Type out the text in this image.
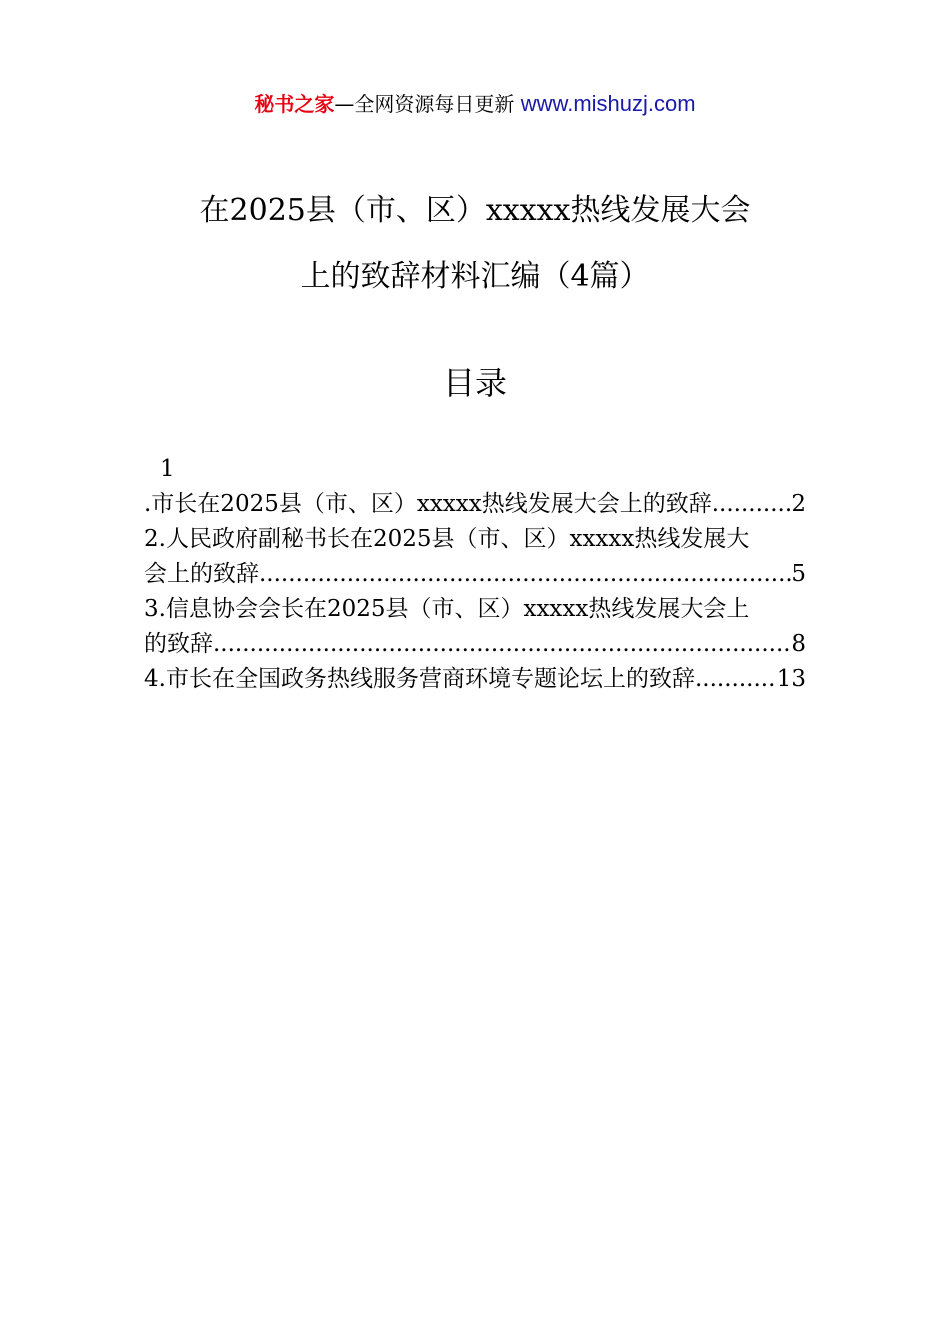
秘书之家—全网资源每日更新 www.mishuzj.com
在2025县（市、区）xxxxx热线发展大会
上的致辞材料汇编（4篇）
目录
1
.市长在2025县（市、区）xxxxx热线发展大会上的致辞 .....	2
2.人民政府副秘书长在2025县（市、区）xxxxx热线发展大
会上的致辞 .....	5
3.信息协会会长在2025县（市、区）xxxxx热线发展大会上
的致辞 .....	8
4.市长在全国政务热线服务营商环境专题论坛上的致辞 .....	13
